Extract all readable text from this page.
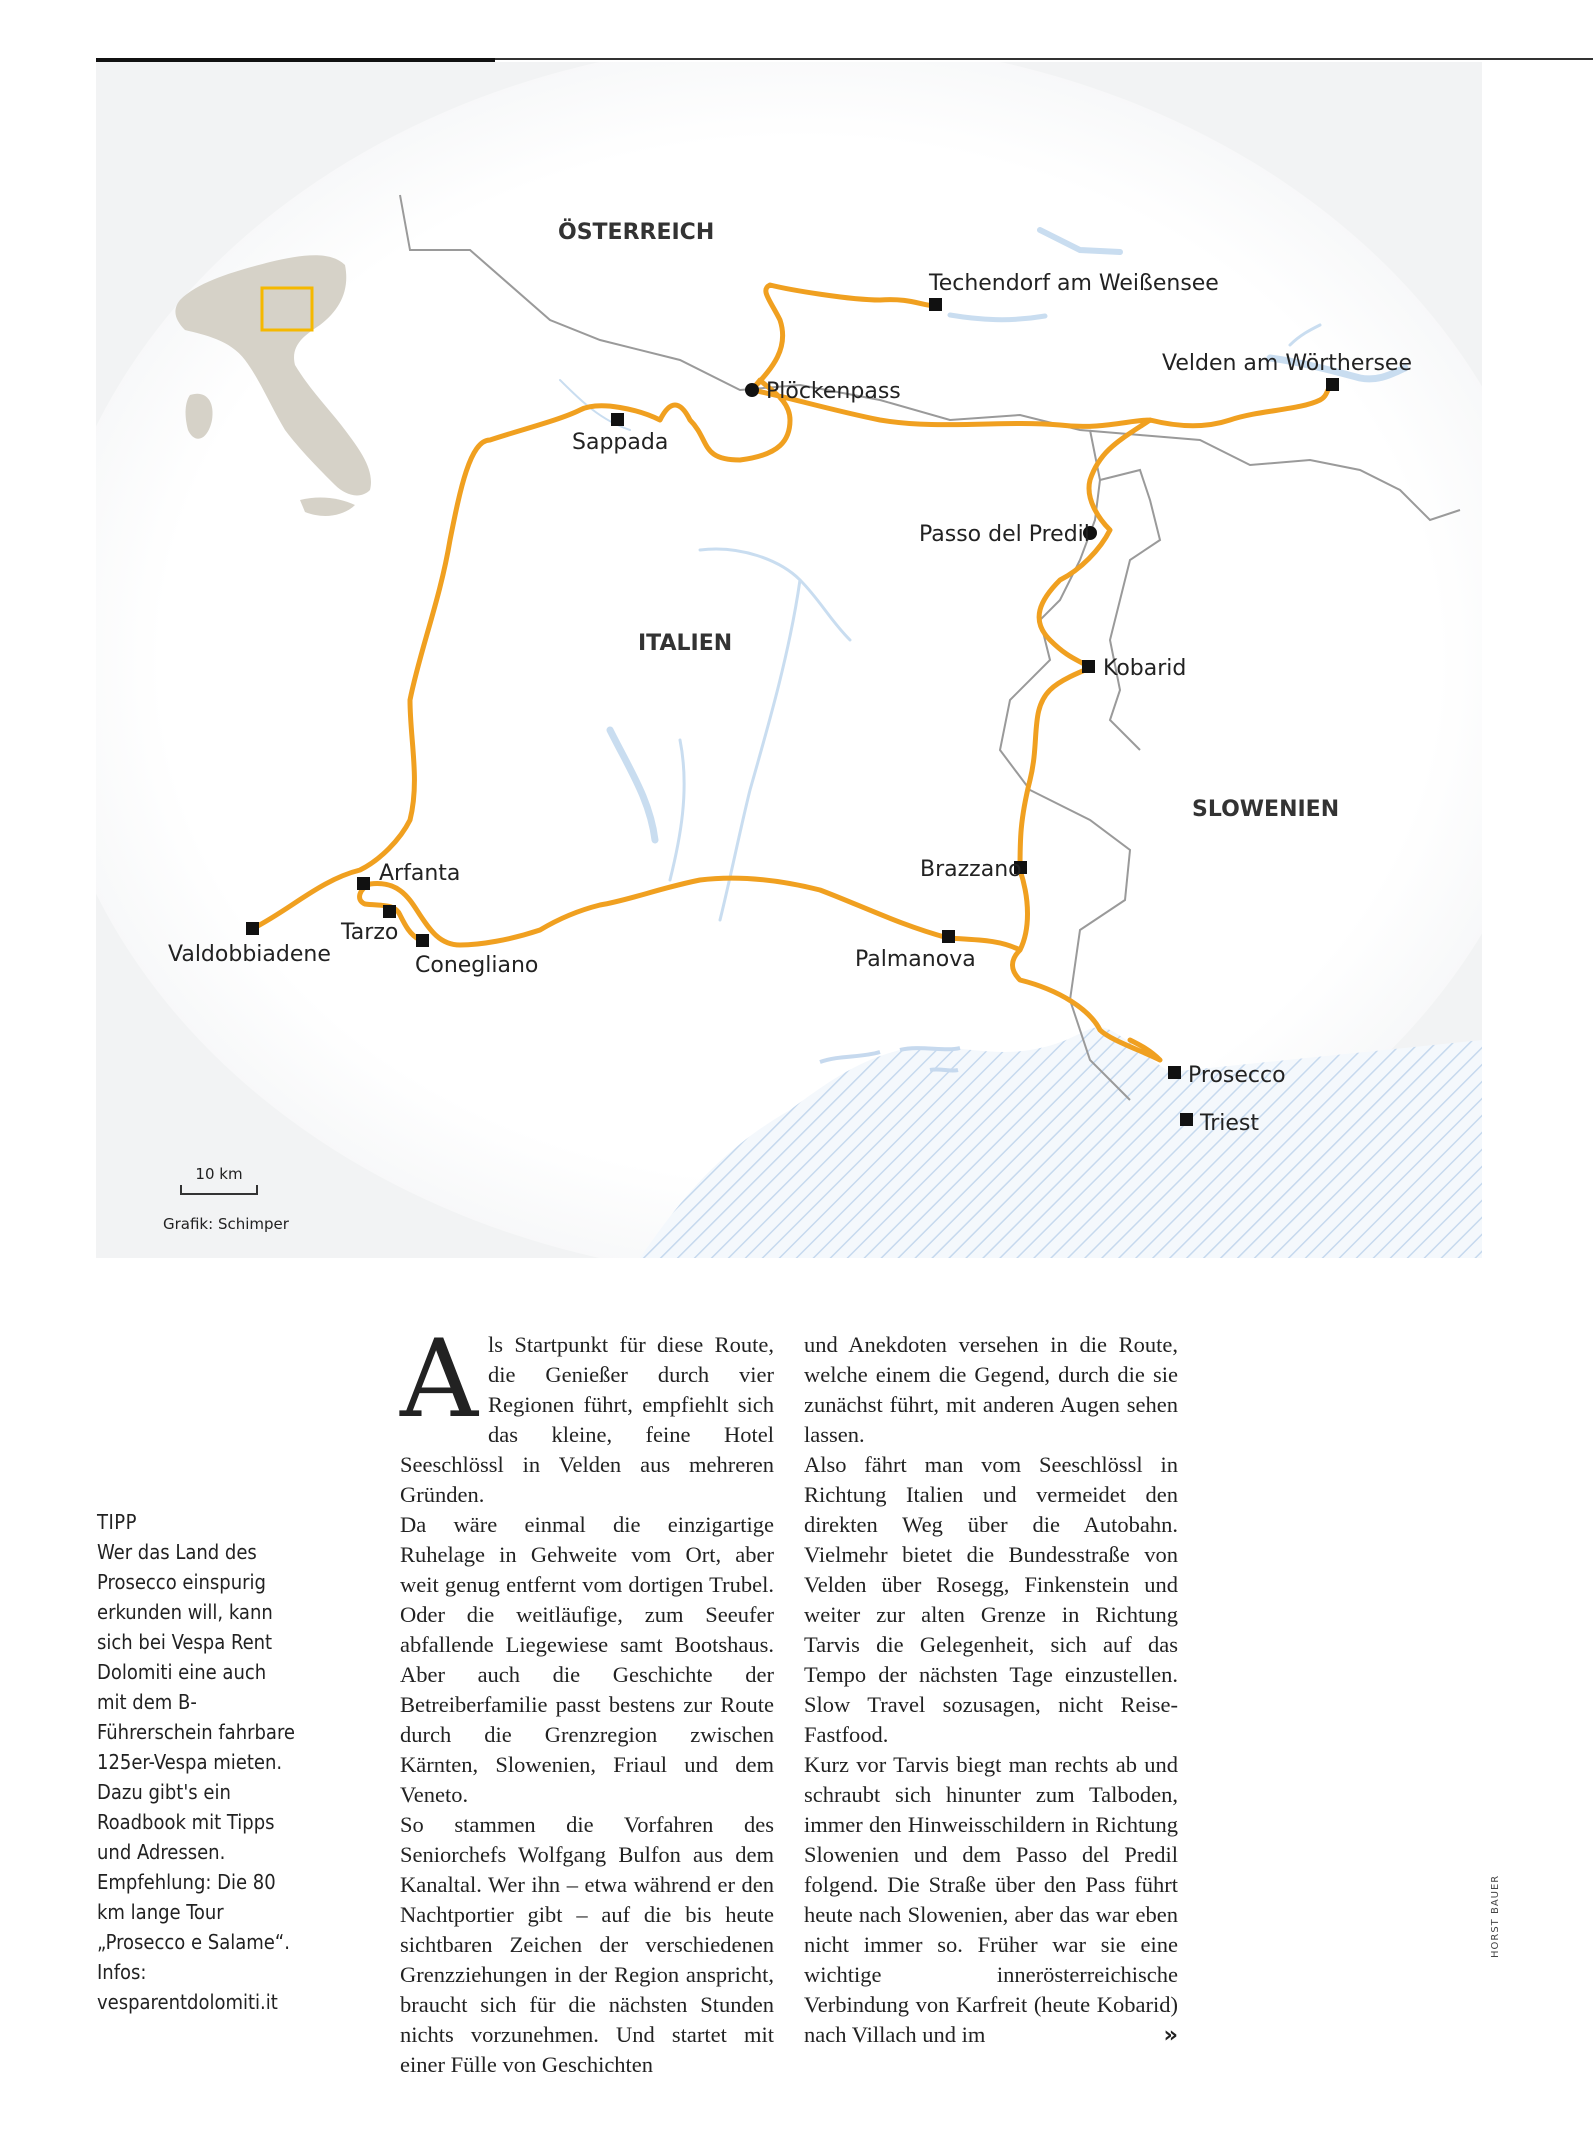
ÖSTERREICH
ITALIEN
SLOWENIEN
Techendorf am Weißensee
Velden am Wörthersee
Plöckenpass
Sappada
Passo del Predil
Kobarid
Brazzano
Arfanta
Tarzo
Valdobbiadene	Conegliano	Palmanova
Prosecco
Triest
10 km
Grafik: Schimper
TIPP

Wer das Land des Prosecco einspurig erkunden will, kann sich bei Vespa Rent Dolomiti eine auch mit dem B-Führerschein fahrbare 125er-Vespa mieten. Dazu gibt's ein Roadbook mit Tipps und Adressen. Empfehlung: Die 80 km lange Tour „Prosecco e Salame“. Infos: vesparentdolomiti.it

A ls Startpunkt für diese Route, die Genießer durch vier Regionen führt, empfiehlt sich das kleine, feine Hotel Seeschlössl in Velden aus mehreren Gründen.

Da wäre einmal die einzigartige Ruhelage in Gehweite vom Ort, aber weit genug entfernt vom dortigen Trubel. Oder die weitläufige, zum Seeufer abfallende Liegewiese samt Bootshaus. Aber auch die Geschichte der Betreiberfamilie passt bestens zur Route durch die Grenzregion zwischen Kärnten, Slowenien, Friaul und dem Veneto.

So stammen die Vorfahren des Seniorchefs Wolfgang Bulfon aus dem Kanaltal. Wer ihn – etwa während er den Nachtportier gibt – auf die bis heute sichtbaren Zeichen der verschiedenen Grenzziehungen in der Region anspricht, braucht sich für die nächsten Stunden nichts vorzunehmen. Und startet mit einer Fülle von Geschichten

und Anekdoten versehen in die Route, welche einem die Gegend, durch die sie zunächst führt, mit anderen Augen sehen lassen.

Also fährt man vom Seeschlössl in Richtung Italien und vermeidet den direkten Weg über die Autobahn. Vielmehr bietet die Bundesstraße von Velden über Rosegg, Finkenstein und weiter zur alten Grenze in Richtung Tarvis die Gelegenheit, sich auf das Tempo der nächsten Tage einzustellen. Slow Travel sozusagen, nicht Reise-Fastfood.

Kurz vor Tarvis biegt man rechts ab und schraubt sich hinunter zum Talboden, immer den Hinweisschildern in Richtung Slowenien und dem Passo del Predil folgend. Die Straße über den Pass führt heute nach Slowenien, aber das war eben nicht immer so. Früher war sie eine wichtige innerösterreichische Verbindung von Karfreit (heute Kobarid) nach Villach und im	»

HORST BAUER
